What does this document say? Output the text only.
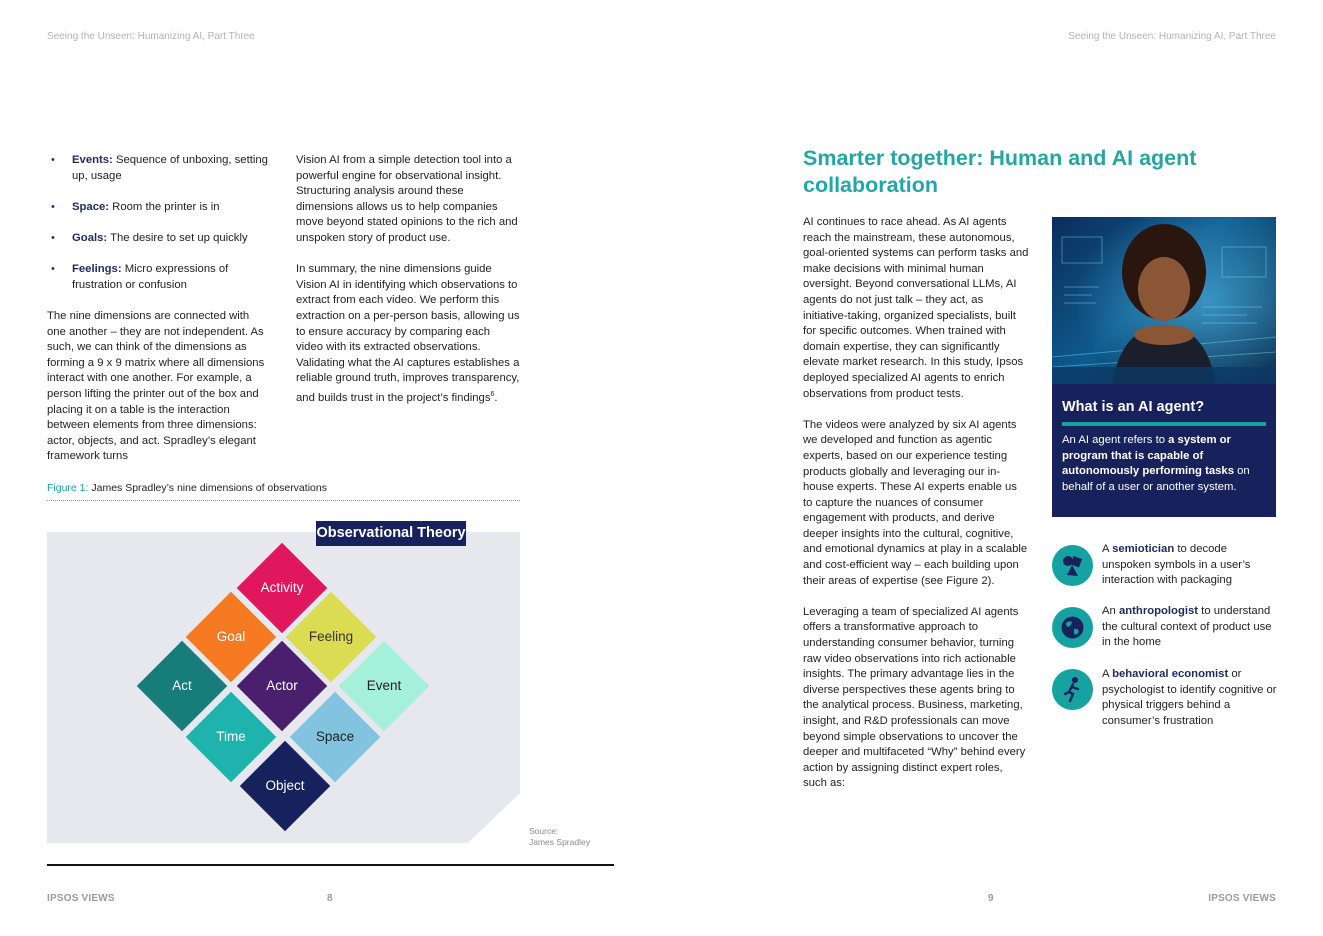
Seeing the Unseen: Humanizing AI, Part Three	Seeing the Unseen: Humanizing AI, Part Three
• Events: Sequence of unboxing, setting up, usage
• Space: Room the printer is in
• Goals: The desire to set up quickly
• Feelings: Micro expressions of frustration or confusion

The nine dimensions are connected with one another – they are not independent. As such, we can think of the dimensions as forming a 9 x 9 matrix where all dimensions interact with one another. For example, a person lifting the printer out of the box and placing it on a table is the interaction between elements from three dimensions: actor, objects, and act. Spradley’s elegant framework turns

Vision AI from a simple detection tool into a powerful engine for observational insight. Structuring analysis around these dimensions allows us to help companies move beyond stated opinions to the rich and unspoken story of product use.

In summary, the nine dimensions guide Vision AI in identifying which observations to extract from each video. We perform this extraction on a per-person basis, allowing us to ensure accuracy by comparing each video with its extracted observations. Validating what the AI captures establishes a reliable ground truth, improves transparency, and builds trust in the project’s findings$^6$.

Figure 1: James Spradley’s nine dimensions of observations
Observational Theory
Activity
Goal	Feeling
Act	Actor	Event
Time	Space
Object
Source:
James Spradley
IPSOS VIEWS	8	9	IPSOS VIEWS
Smarter together: Human and AI agent collaboration

AI continues to race ahead. As AI agents reach the mainstream, these autonomous, goal-oriented systems can perform tasks and make decisions with minimal human oversight. Beyond conversational LLMs, AI agents do not just talk – they act, as initiative-taking, organized specialists, built for specific outcomes. When trained with domain expertise, they can significantly elevate market research. In this study, Ipsos deployed specialized AI agents to enrich observations from product tests.

The videos were analyzed by six AI agents we developed and function as agentic experts, based on our experience testing products globally and leveraging our in-house experts. These AI experts enable us to capture the nuances of consumer engagement with products, and derive deeper insights into the cultural, cognitive, and emotional dynamics at play in a scalable and cost-efficient way – each building upon their areas of expertise (see Figure 2).

Leveraging a team of specialized AI agents offers a transformative approach to understanding consumer behavior, turning raw video observations into rich actionable insights. The primary advantage lies in the diverse perspectives these agents bring to the analytical process. Business, marketing, insight, and R&D professionals can move beyond simple observations to uncover the deeper and multifaceted “Why” behind every action by assigning distinct expert roles, such as:

What is an AI agent?
An AI agent refers to a system or program that is capable of autonomously performing tasks on behalf of a user or another system.
A semiotician to decode unspoken symbols in a user’s interaction with packaging
An anthropologist to understand the cultural context of product use in the home
A behavioral economist or psychologist to identify cognitive or physical triggers behind a consumer’s frustration
